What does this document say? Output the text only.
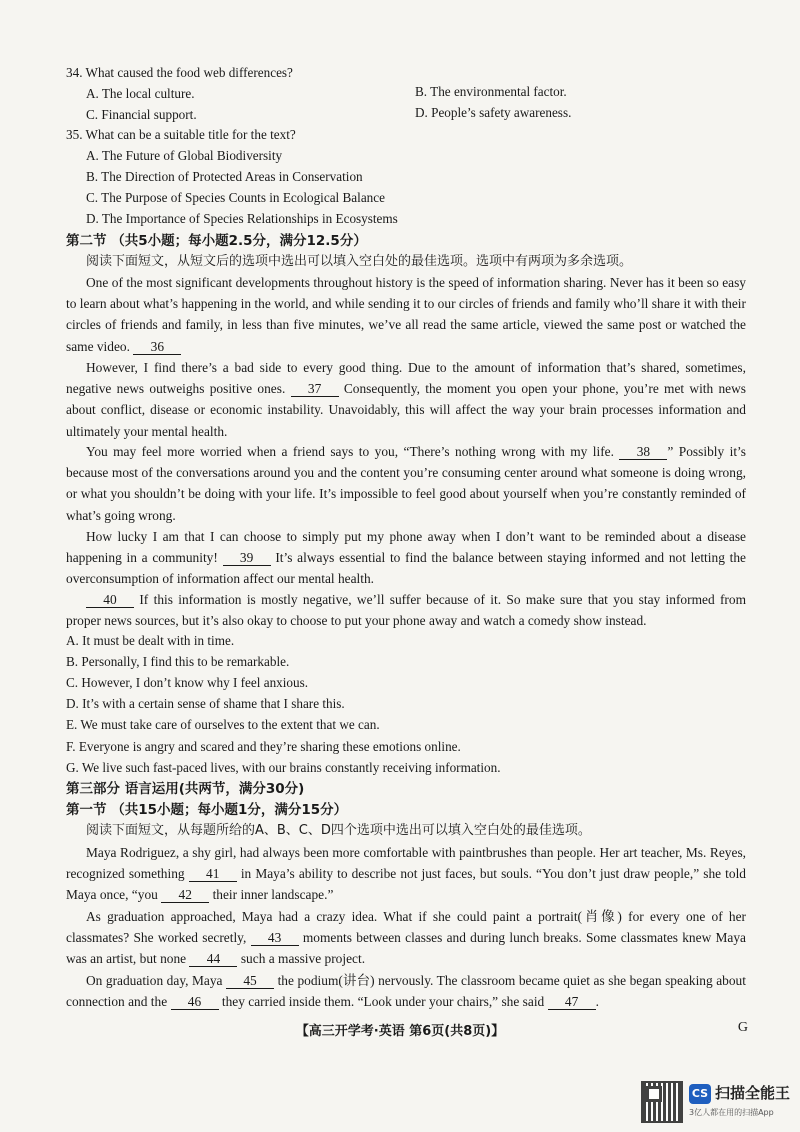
34. What caused the food web differences?
A. The local culture.	B. The environmental factor.
C. Financial support.	D. People’s safety awareness.
35. What can be a suitable title for the text?
A. The Future of Global Biodiversity
B. The Direction of Protected Areas in Conservation
C. The Purpose of Species Counts in Ecological Balance
D. The Importance of Species Relationships in Ecosystems
第二节 （共5小题；每小题2.5分，满分12.5分）
阅读下面短文，从短文后的选项中选出可以填入空白处的最佳选项。选项中有两项为多余选项。
One of the most significant developments throughout history is the speed of information sharing. Never has it been so easy to learn about what’s happening in the world, and while sending it to our circles of friends and family who’ll share it with their circles of friends and family, in less than five minutes, we’ve all read the same article, viewed the same post or watched the same video. 36
However, I find there’s a bad side to every good thing. Due to the amount of information that’s shared, sometimes, negative news outweighs positive ones. 37 Consequently, the moment you open your phone, you’re met with news about conflict, disease or economic instability. Unavoidably, this will affect the way your brain processes information and ultimately your mental health.
You may feel more worried when a friend says to you, “There’s nothing wrong with my life. 38 ” Possibly it’s because most of the conversations around you and the content you’re consuming center around what someone is doing wrong, or what you shouldn’t be doing with your life. It’s impossible to feel good about yourself when you’re constantly reminded of what’s going wrong.
How lucky I am that I can choose to simply put my phone away when I don’t want to be reminded about a disease happening in a community! 39 It’s always essential to find the balance between staying informed and not letting the overconsumption of information affect our mental health.
40 If this information is mostly negative, we’ll suffer because of it. So make sure that you stay informed from proper news sources, but it’s also okay to choose to put your phone away and watch a comedy show instead.
A. It must be dealt with in time.
B. Personally, I find this to be remarkable.
C. However, I don’t know why I feel anxious.
D. It’s with a certain sense of shame that I share this.
E. We must take care of ourselves to the extent that we can.
F. Everyone is angry and scared and they’re sharing these emotions online.
G. We live such fast-paced lives, with our brains constantly receiving information.
第三部分 语言运用(共两节，满分30分)
第一节 （共15小题；每小题1分，满分15分）
阅读下面短文，从每题所给的A、B、C、D四个选项中选出可以填入空白处的最佳选项。
Maya Rodriguez, a shy girl, had always been more comfortable with paintbrushes than people. Her art teacher, Ms. Reyes, recognized something 41 in Maya’s ability to describe not just faces, but souls. “You don’t just draw people,” she told Maya once, “you 42 their inner landscape.”
As graduation approached, Maya had a crazy idea. What if she could paint a portrait(肖像) for every one of her classmates? She worked secretly, 43 moments between classes and during lunch breaks. Some classmates knew Maya was an artist, but none 44 such a massive project.
On graduation day, Maya 45 the podium(讲台) nervously. The classroom became quiet as she began speaking about connection and the 46 they carried inside them. “Look under your chairs,” she said 47 .
【高三开学考·英语 第6页(共8页)】	G
CS 扫描全能王
3亿人都在用的扫描App
